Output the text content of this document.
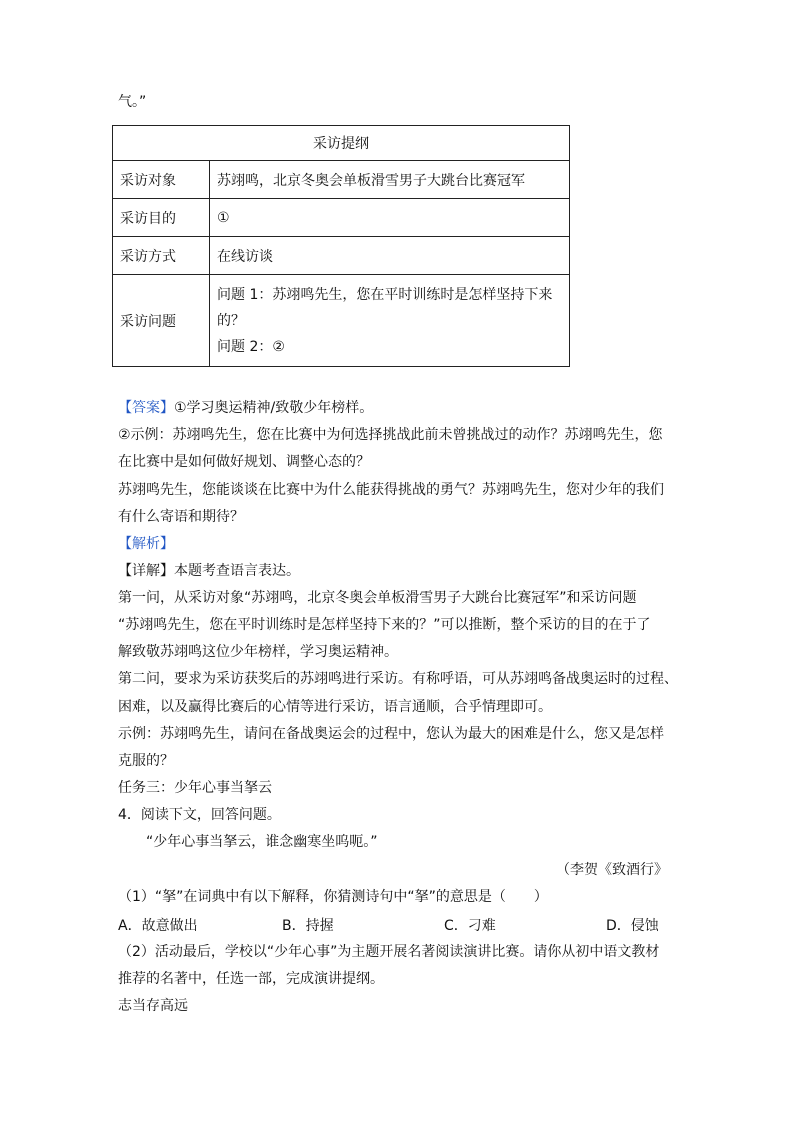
气。”
采访提纲	
采访对象	苏翊鸣，北京冬奥会单板滑雪男子大跳台比赛冠军
采访目的	①
采访方式	在线访谈
采访问题	问题 1：苏翊鸣先生，您在平时训练时是怎样坚持下来
的？
问题 2：②
【答案】①学习奥运精神/致敬少年榜样。
②示例：苏翊鸣先生，您在比赛中为何选择挑战此前未曾挑战过的动作？苏翊鸣先生，您
在比赛中是如何做好规划、调整心态的？
苏翊鸣先生，您能谈谈在比赛中为什么能获得挑战的勇气？苏翊鸣先生，您对少年的我们
有什么寄语和期待？
【解析】
【详解】本题考查语言表达。
第一问，从采访对象“苏翊鸣，北京冬奥会单板滑雪男子大跳台比赛冠军”和采访问题
“苏翊鸣先生，您在平时训练时是怎样坚持下来的？”可以推断，整个采访的目的在于了
解致敬苏翊鸣这位少年榜样，学习奥运精神。
第二问，要求为采访获奖后的苏翊鸣进行采访。有称呼语，可从苏翊鸣备战奥运时的过程、
困难，以及赢得比赛后的心情等进行采访，语言通顺，合乎情理即可。
示例：苏翊鸣先生，请问在备战奥运会的过程中，您认为最大的困难是什么，您又是怎样
克服的？
任务三：少年心事当拏云
4．阅读下文，回答问题。
“少年心事当拏云，谁念幽寒坐呜呃。”
（李贺《致酒行》
（1）“拏”在词典中有以下解释，你猜测诗句中“拏”的意思是（　　）
A．故意做出	B．持握	C．刁难	D．侵蚀
（2）活动最后，学校以“少年心事”为主题开展名著阅读演讲比赛。请你从初中语文教材
推荐的名著中，任选一部，完成演讲提纲。
志当存高远
